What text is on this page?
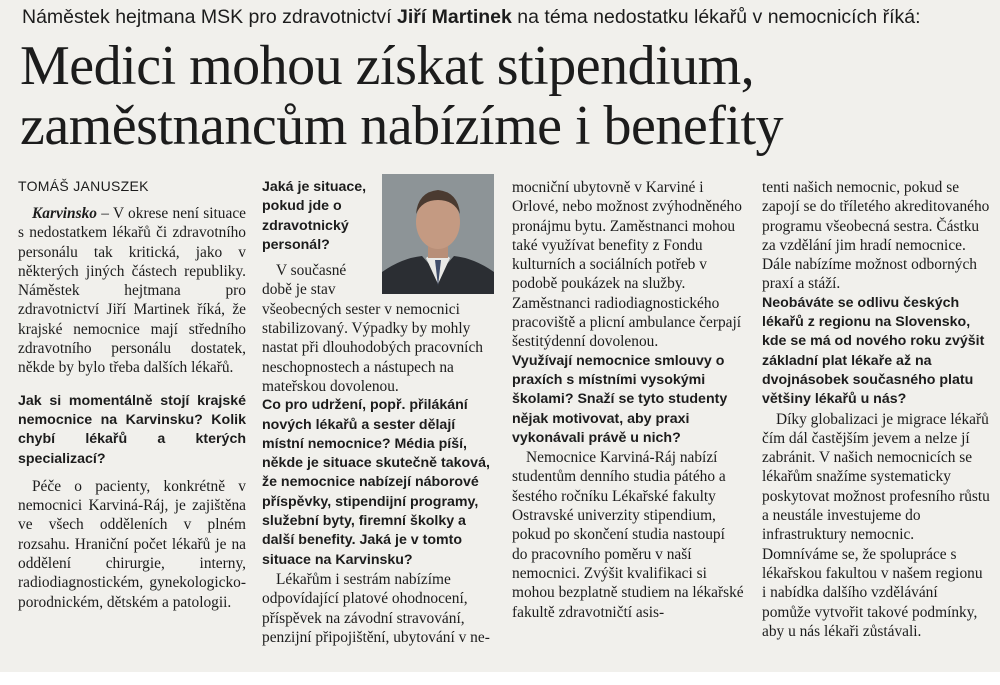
Náměstek hejtmana MSK pro zdravotnictví Jiří Martinek na téma nedostatku lékařů v nemocnicích říká:
Medici mohou získat stipendium,
zaměstnancům nabízíme i benefity
TOMÁŠ JANUSZEK

Karvinsko – V okrese není situace s nedostatkem lékařů či zdravotního personálu tak kritická, jako v některých jiných částech republiky. Náměstek hejtmana pro zdravotnictví Jiří Martinek říká, že krajské nemocnice mají středního zdravotního personálu dostatek, někde by bylo třeba dalších lékařů.

Jak si momentálně stojí krajské nemocnice na Karvinsku? Kolik chybí lékařů a kterých specializací?

Péče o pacienty, konkrétně v nemocnici Karviná-Ráj, je zajištěna ve všech odděleních v plném rozsahu. Hraniční počet lékařů je na oddělení chirurgie, interny, radiodiagnostickém, gynekologicko-porodnickém, dětském a patologii.

Jaká je situace, pokud jde o zdravotnický personál?

V současné době je stav všeobecných sester v nemocnici stabilizovaný. Výpadky by mohly nastat při dlouhodobých pracovních neschopnostech a nástupech na mateřskou dovolenou.

Co pro udržení, popř. přilákání nových lékařů a sester dělají místní nemocnice? Média píší, někde je situace skutečně taková, že nemocnice nabízejí náborové příspěvky, stipendijní programy, služební byty, firemní školky a další benefity. Jaká je v tomto situace na Karvinsku?

Lékařům i sestrám nabízíme odpovídající platové ohodnocení, příspěvek na závodní stravování, penzijní připojištění, ubytování v ne-

mocniční ubytovně v Karviné i Orlové, nebo možnost zvýhodněného pronájmu bytu. Zaměstnanci mohou také využívat benefity z Fondu kulturních a sociálních potřeb v podobě poukázek na služby. Zaměstnanci radiodiagnostického pracoviště a plicní ambulance čerpají šestitýdenní dovolenou.

Využívají nemocnice smlouvy o praxích s místními vysokými školami? Snaží se tyto studenty nějak motivovat, aby praxi vykonávali právě u nich?

Nemocnice Karviná-Ráj nabízí studentům denního studia pátého a šestého ročníku Lékařské fakulty Ostravské univerzity stipendium, pokud po skončení studia nastoupí do pracovního poměru v naší nemocnici. Zvýšit kvalifikaci si mohou bezplatně studiem na lékařské fakultě zdravotničtí asis-

tenti našich nemocnic, pokud se zapojí se do tříletého akreditovaného programu všeobecná sestra. Částku za vzdělání jim hradí nemocnice. Dále nabízíme možnost odborných praxí a stáží.

Neobáváte se odlivu českých lékařů z regionu na Slovensko, kde se má od nového roku zvýšit základní plat lékaře až na dvojnásobek současného platu většiny lékařů u nás?

Díky globalizaci je migrace lékařů čím dál častějším jevem a nelze jí zabránit. V našich nemocnicích se lékařům snažíme systematicky poskytovat možnost profesního růstu a neustále investujeme do infrastruktury nemocnic. Domníváme se, že spolupráce s lékařskou fakultou v našem regionu i nabídka dalšího vzdělávání pomůže vytvořit takové podmínky, aby u nás lékaři zůstávali.
